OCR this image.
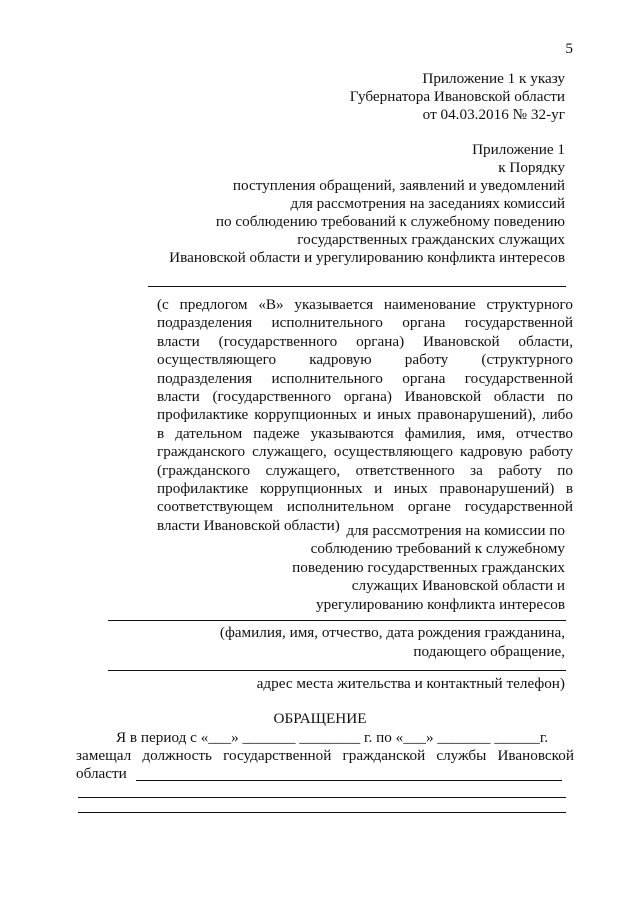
5
Приложение 1 к указу
Губернатора Ивановской области
от 04.03.2016 № 32-уг
Приложение 1
к Порядку
поступления обращений, заявлений и уведомлений
для рассмотрения на заседаниях комиссий
по соблюдению требований к служебному поведению
государственных гражданских служащих
Ивановской области и урегулированию конфликта интересов
(с предлогом «В» указывается наименование структурного
подразделения исполнительного органа государственной
власти (государственного органа) Ивановской области,
осуществляющего кадровую работу (структурного
подразделения исполнительного органа государственной
власти (государственного органа) Ивановской области по
профилактике коррупционных и иных правонарушений), либо
в дательном падеже указываются фамилия, имя, отчество
гражданского служащего, осуществляющего кадровую работу
(гражданского служащего, ответственного за работу по
профилактике коррупционных и иных правонарушений) в
соответствующем исполнительном органе государственной
власти Ивановской области) для рассмотрения на комиссии по
соблюдению требований к служебному
поведению государственных гражданских
служащих Ивановской области и
урегулированию конфликта интересов
(фамилия, имя, отчество, дата рождения гражданина,
подающего обращение,
адрес места жительства и контактный телефон)
ОБРАЩЕНИЕ
Я в период с «___» _______ ________ г. по «___» _______ ______г.
замещал должность государственной гражданской службы Ивановской
области
